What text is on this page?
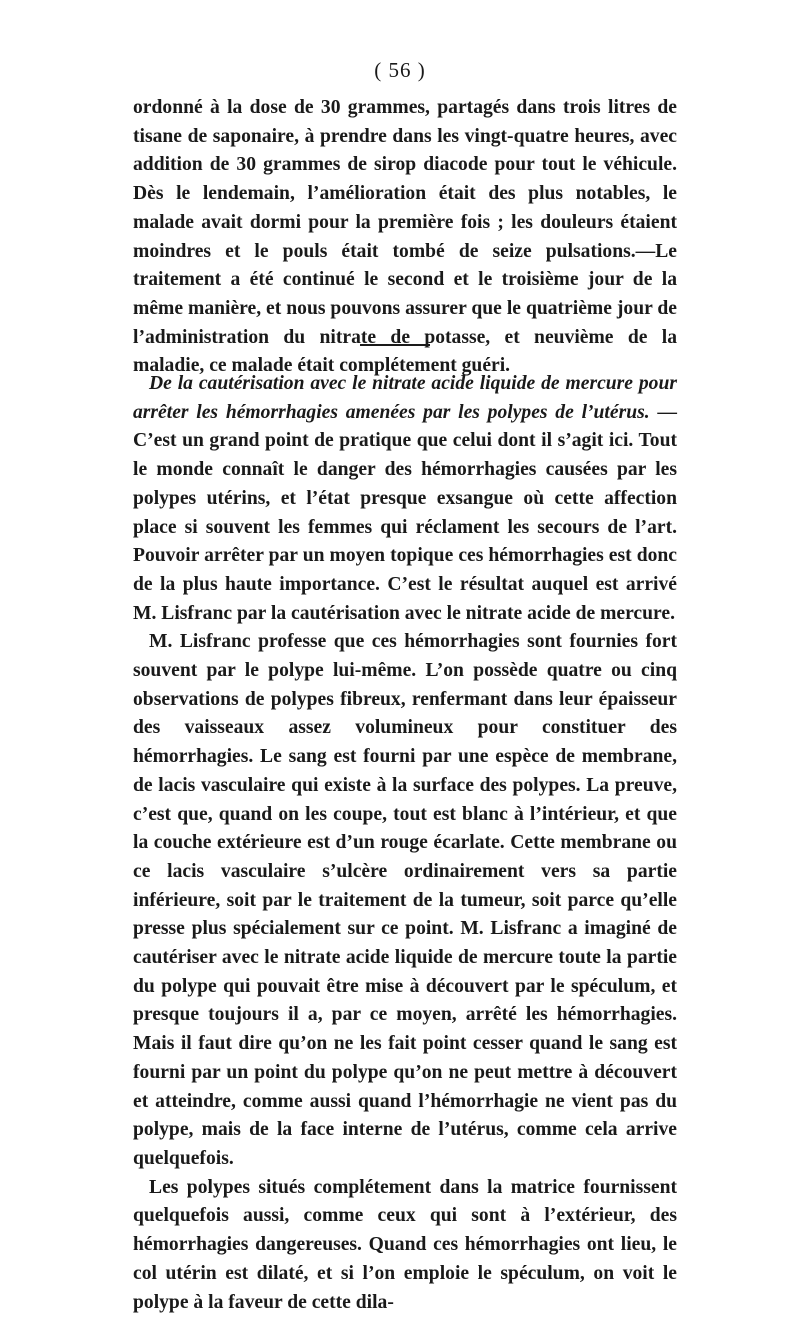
( 56 )

ordonné à la dose de 30 grammes, partagés dans trois litres de tisane de saponaire, à prendre dans les vingt-quatre heures, avec addition de 30 grammes de sirop diacode pour tout le véhicule. Dès le lendemain, l’amélioration était des plus notables, le malade avait dormi pour la première fois ; les douleurs étaient moindres et le pouls était tombé de seize pulsations.—Le traitement a été continué le second et le troisième jour de la même manière, et nous pouvons assurer que le quatrième jour de l’administration du nitrate de potasse, et neuvième de la maladie, ce malade était complétement guéri.

De la cautérisation avec le nitrate acide liquide de mercure pour arrêter les hémorrhagies amenées par les polypes de l’utérus. —C’est un grand point de pratique que celui dont il s’agit ici. Tout le monde connaît le danger des hémorrhagies causées par les polypes utérins, et l’état presque exsangue où cette affection place si souvent les femmes qui réclament les secours de l’art. Pouvoir arrêter par un moyen topique ces hémorrhagies est donc de la plus haute importance. C’est le résultat auquel est arrivé M. Lisfranc par la cautérisation avec le nitrate acide de mercure.

M. Lisfranc professe que ces hémorrhagies sont fournies fort souvent par le polype lui-même. L’on possède quatre ou cinq observations de polypes fibreux, renfermant dans leur épaisseur des vaisseaux assez volumineux pour constituer des hémorrhagies. Le sang est fourni par une espèce de membrane, de lacis vasculaire qui existe à la surface des polypes. La preuve, c’est que, quand on les coupe, tout est blanc à l’intérieur, et que la couche extérieure est d’un rouge écarlate. Cette membrane ou ce lacis vasculaire s’ulcère ordinairement vers sa partie inférieure, soit par le traitement de la tumeur, soit parce qu’elle presse plus spécialement sur ce point. M. Lisfranc a imaginé de cautériser avec le nitrate acide liquide de mercure toute la partie du polype qui pouvait être mise à découvert par le spéculum, et presque toujours il a, par ce moyen, arrêté les hémorrhagies. Mais il faut dire qu’on ne les fait point cesser quand le sang est fourni par un point du polype qu’on ne peut mettre à découvert et atteindre, comme aussi quand l’hémorrhagie ne vient pas du polype, mais de la face interne de l’utérus, comme cela arrive quelquefois.

Les polypes situés complétement dans la matrice fournissent quelquefois aussi, comme ceux qui sont à l’extérieur, des hémorrhagies dangereuses. Quand ces hémorrhagies ont lieu, le col utérin est dilaté, et si l’on emploie le spéculum, on voit le polype à la faveur de cette dila-
